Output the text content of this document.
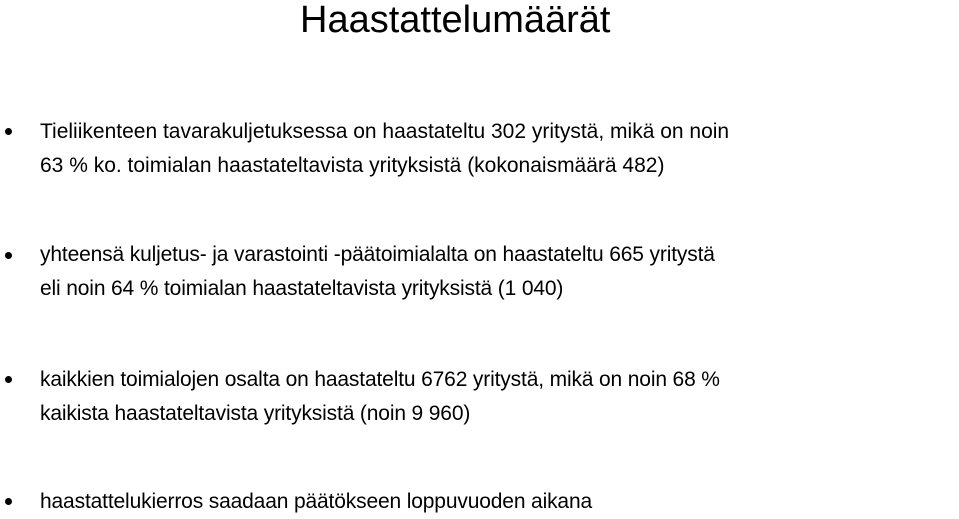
Haastattelumäärät
Tieliikenteen tavarakuljetuksessa on haastateltu 302 yritystä, mikä on noin
63 % ko. toimialan haastateltavista yrityksistä (kokonaismäärä 482)
yhteensä kuljetus- ja varastointi -päätoimialalta on haastateltu 665 yritystä
eli noin 64 % toimialan haastateltavista yrityksistä (1 040)
kaikkien toimialojen osalta on haastateltu 6762 yritystä, mikä on noin 68 %
kaikista haastateltavista yrityksistä (noin 9 960)
haastattelukierros saadaan päätökseen loppuvuoden aikana
